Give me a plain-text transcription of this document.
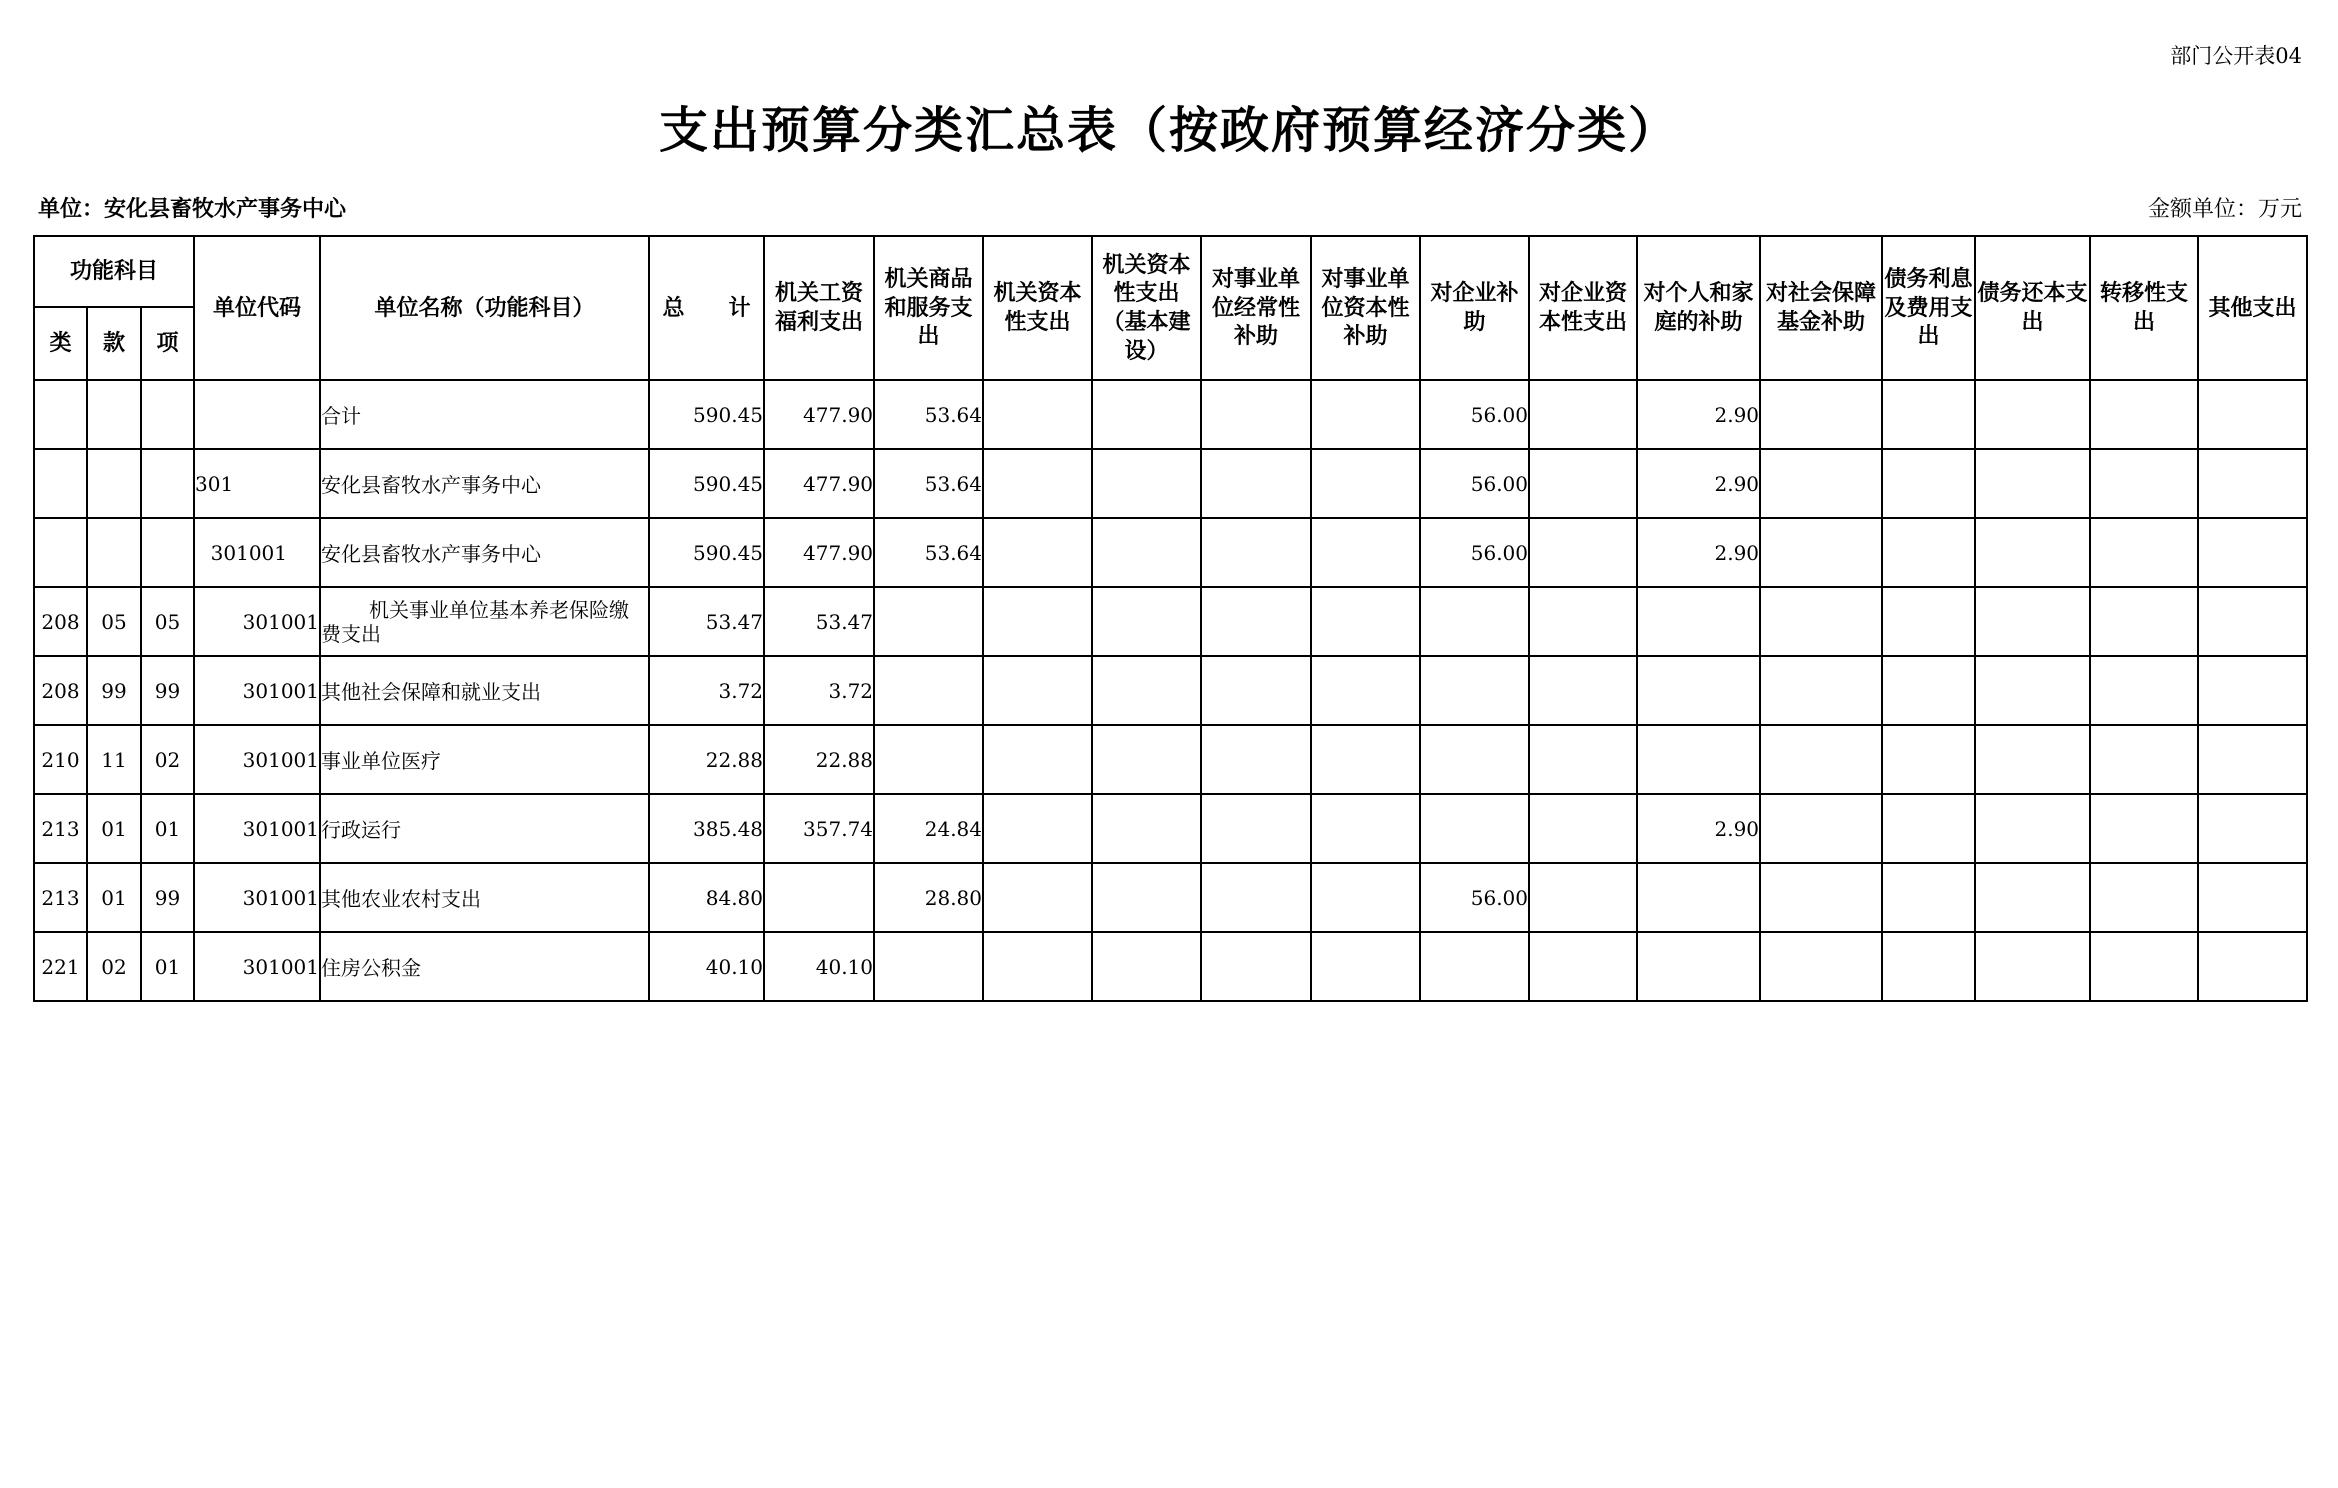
部门公开表04
支出预算分类汇总表（按政府预算经济分类）
单位：安化县畜牧水产事务中心	金额单位：万元
功能科目			单位代码	单位名称（功能科目）	总　　计	机关工资福利支出	机关商品和服务支出	机关资本性支出	机关资本性支出（基本建设）	对事业单位经常性补助	对事业单位资本性补助	对企业补助	对企业资本性支出	对个人和家庭的补助	对社会保障基金补助	债务利息及费用支出	债务还本支出	转移性支出	其他支出
类	款	项																	
				合计	590.45	477.90	53.64					56.00		2.90					
			301	安化县畜牧水产事务中心	590.45	477.90	53.64					56.00		2.90					
			301001	安化县畜牧水产事务中心	590.45	477.90	53.64					56.00		2.90					
208	05	05	301001	机关事业单位基本养老保险缴
费支出	53.47	53.47													
208	99	99	301001	其他社会保障和就业支出	3.72	3.72													
210	11	02	301001	事业单位医疗	22.88	22.88													
213	01	01	301001	行政运行	385.48	357.74	24.84							2.90					
213	01	99	301001	其他农业农村支出	84.80		28.80					56.00							
221	02	01	301001	住房公积金	40.10	40.10													
